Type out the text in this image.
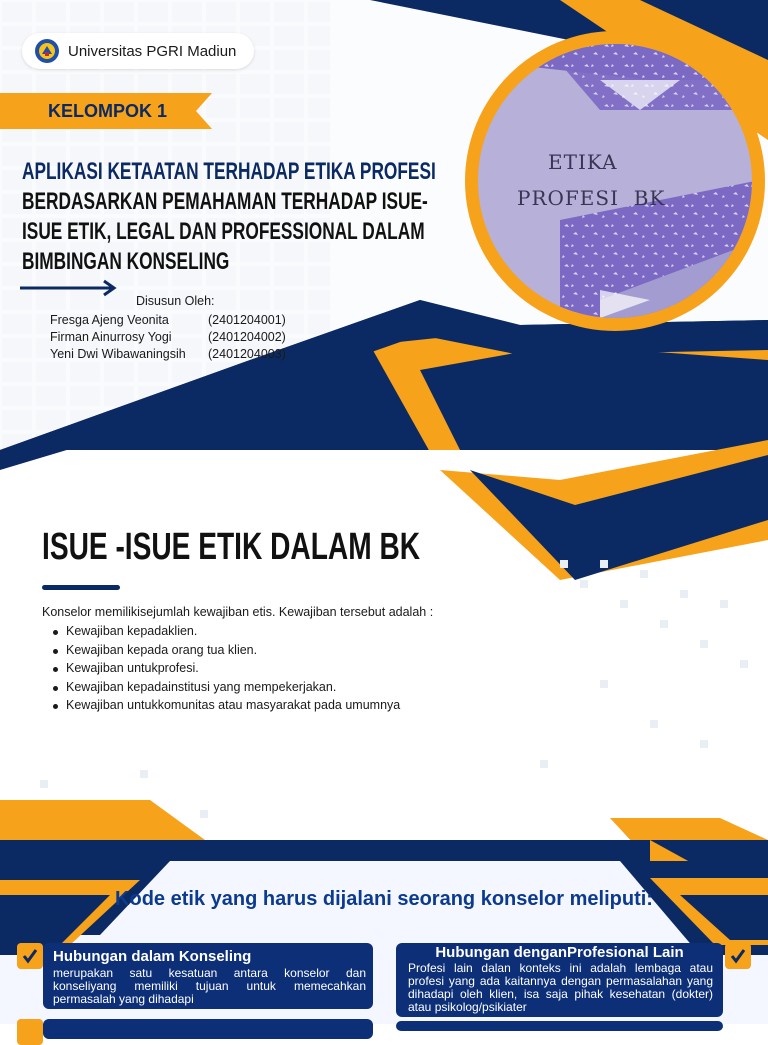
Universitas PGRI Madiun
KELOMPOK 1
APLIKASI KETAATAN TERHADAP ETIKA PROFESI
BERDASARKAN PEMAHAMAN TERHADAP ISUE-
ISUE ETIK, LEGAL DAN PROFESSIONAL DALAM
BIMBINGAN KONSELING
Disusun Oleh:
Fresga Ajeng Veonita	(2401204001)
Firman Ainurrosy Yogi	(2401204002)
Yeni Dwi Wibawaningsih (2401204003)
ETIKA
PROFESI  BK
ISUE -ISUE ETIK DALAM BK
Konselor memilikisejumlah kewajiban etis. Kewajiban tersebut adalah :
Kewajiban kepadaklien.
Kewajiban kepada orang tua klien.
Kewajiban untukprofesi.
Kewajiban kepadainstitusi yang mempekerjakan.
Kewajiban untukkomunitas atau masyarakat pada umumnya
Kode etik yang harus dijalani seorang konselor meliputi:
Hubungan dalam Konseling
merupakan satu kesatuan antara konselor dan konseliyang memiliki tujuan untuk memecahkan permasalah yang dihadapi
Hubungan denganProfesional Lain
Profesi lain dalan konteks ini adalah lembaga atau profesi yang ada kaitannya dengan permasalahan yang dihadapi oleh klien, isa saja pihak kesehatan (dokter) atau psikolog/psikiater
